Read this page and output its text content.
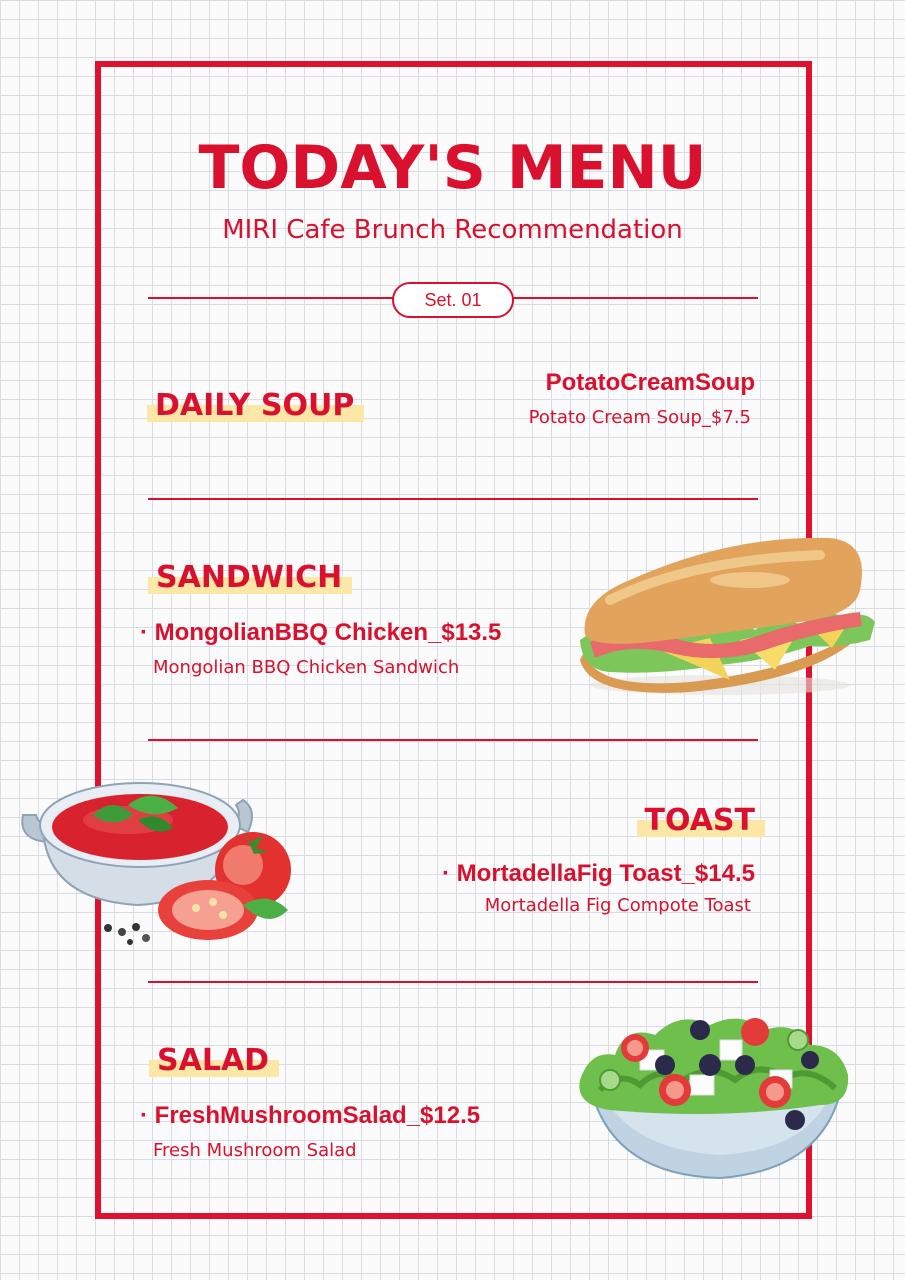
TODAY'S MENU
MIRI Cafe Brunch Recommendation
Set. 01
DAILY SOUP
PotatoCreamSoup
Potato Cream Soup_$7.5
SANDWICH
· MongolianBBQ Chicken_$13.5
Mongolian BBQ Chicken Sandwich
TOAST
· MortadellaFig Toast_$14.5
Mortadella Fig Compote Toast
SALAD
· FreshMushroomSalad_$12.5
Fresh Mushroom Salad
